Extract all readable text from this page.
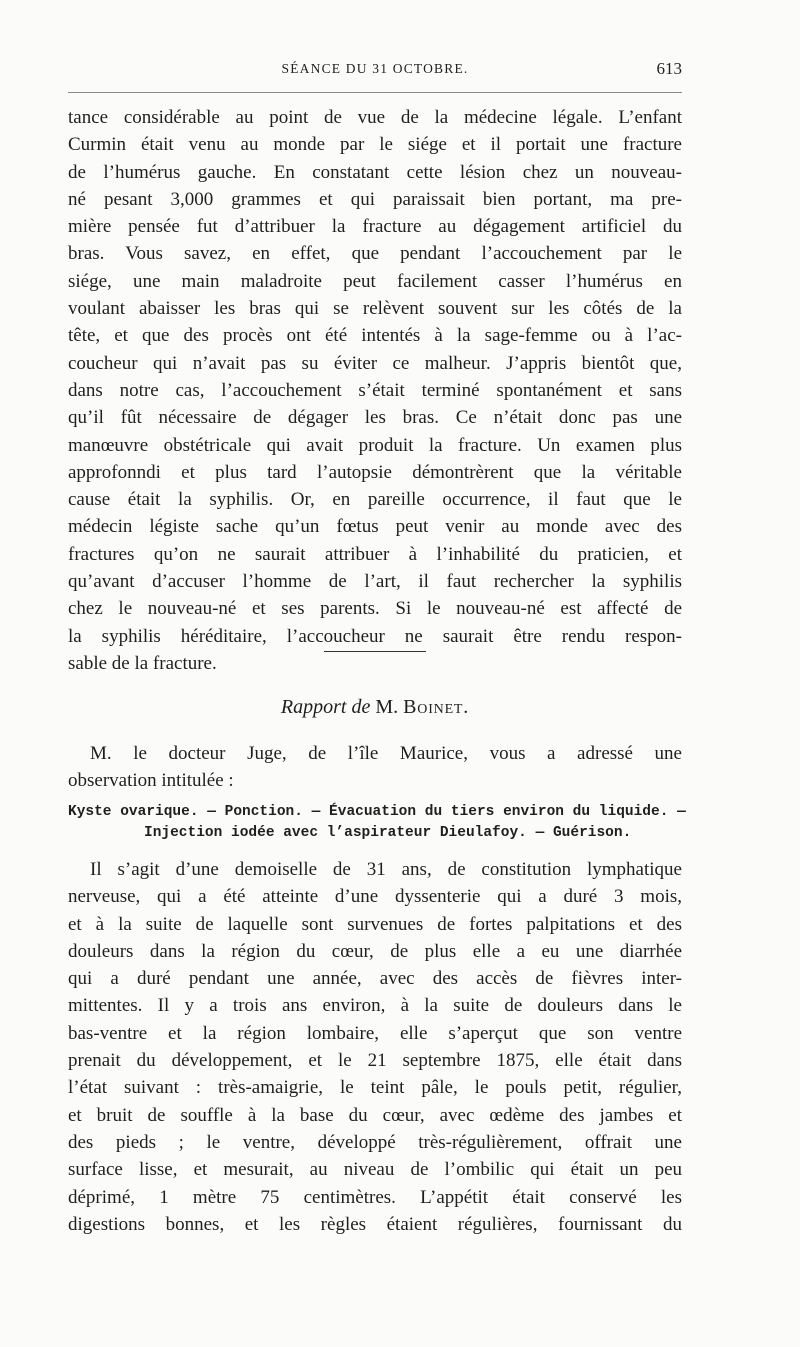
SÉANCE DU 31 OCTOBRE.	613
tance considérable au point de vue de la médecine légale. L’enfant
Curmin était venu au monde par le siége et il portait une fracture
de l’humérus gauche. En constatant cette lésion chez un nouveau-
né pesant 3,000 grammes et qui paraissait bien portant, ma pre-
mière pensée fut d’attribuer la fracture au dégagement artificiel du
bras. Vous savez, en effet, que pendant l’accouchement par le
siége, une main maladroite peut facilement casser l’humérus en
voulant abaisser les bras qui se relèvent souvent sur les côtés de la
tête, et que des procès ont été intentés à la sage-femme ou à l’ac-
coucheur qui n’avait pas su éviter ce malheur. J’appris bientôt que,
dans notre cas, l’accouchement s’était terminé spontanément et sans
qu’il fût nécessaire de dégager les bras. Ce n’était donc pas une
manœuvre obstétricale qui avait produit la fracture. Un examen plus
approfonndi et plus tard l’autopsie démontrèrent que la véritable
cause était la syphilis. Or, en pareille occurrence, il faut que le
médecin légiste sache qu’un fœtus peut venir au monde avec des
fractures qu’on ne saurait attribuer à l’inhabilité du praticien, et
qu’avant d’accuser l’homme de l’art, il faut rechercher la syphilis
chez le nouveau-né et ses parents. Si le nouveau-né est affecté de
la syphilis héréditaire, l’accoucheur ne saurait être rendu respon-
sable de la fracture.
Rapport de M. Boinet.
M. le docteur Juge, de l’île Maurice, vous a adressé une
observation intitulée :
Kyste ovarique. — Ponction. — Évacuation du tiers environ du liquide. —
Injection iodée avec l’aspirateur Dieulafoy. — Guérison.
Il s’agit d’une demoiselle de 31 ans, de constitution lymphatique
nerveuse, qui a été atteinte d’une dyssenterie qui a duré 3 mois,
et à la suite de laquelle sont survenues de fortes palpitations et des
douleurs dans la région du cœur, de plus elle a eu une diarrhée
qui a duré pendant une année, avec des accès de fièvres inter-
mittentes. Il y a trois ans environ, à la suite de douleurs dans le
bas-ventre et la région lombaire, elle s’aperçut que son ventre
prenait du développement, et le 21 septembre 1875, elle était dans
l’état suivant : très-amaigrie, le teint pâle, le pouls petit, régulier,
et bruit de souffle à la base du cœur, avec œdème des jambes et
des pieds ; le ventre, développé très-régulièrement, offrait une
surface lisse, et mesurait, au niveau de l’ombilic qui était un peu
déprimé, 1 mètre 75 centimètres. L’appétit était conservé les
digestions bonnes, et les règles étaient régulières, fournissant du
